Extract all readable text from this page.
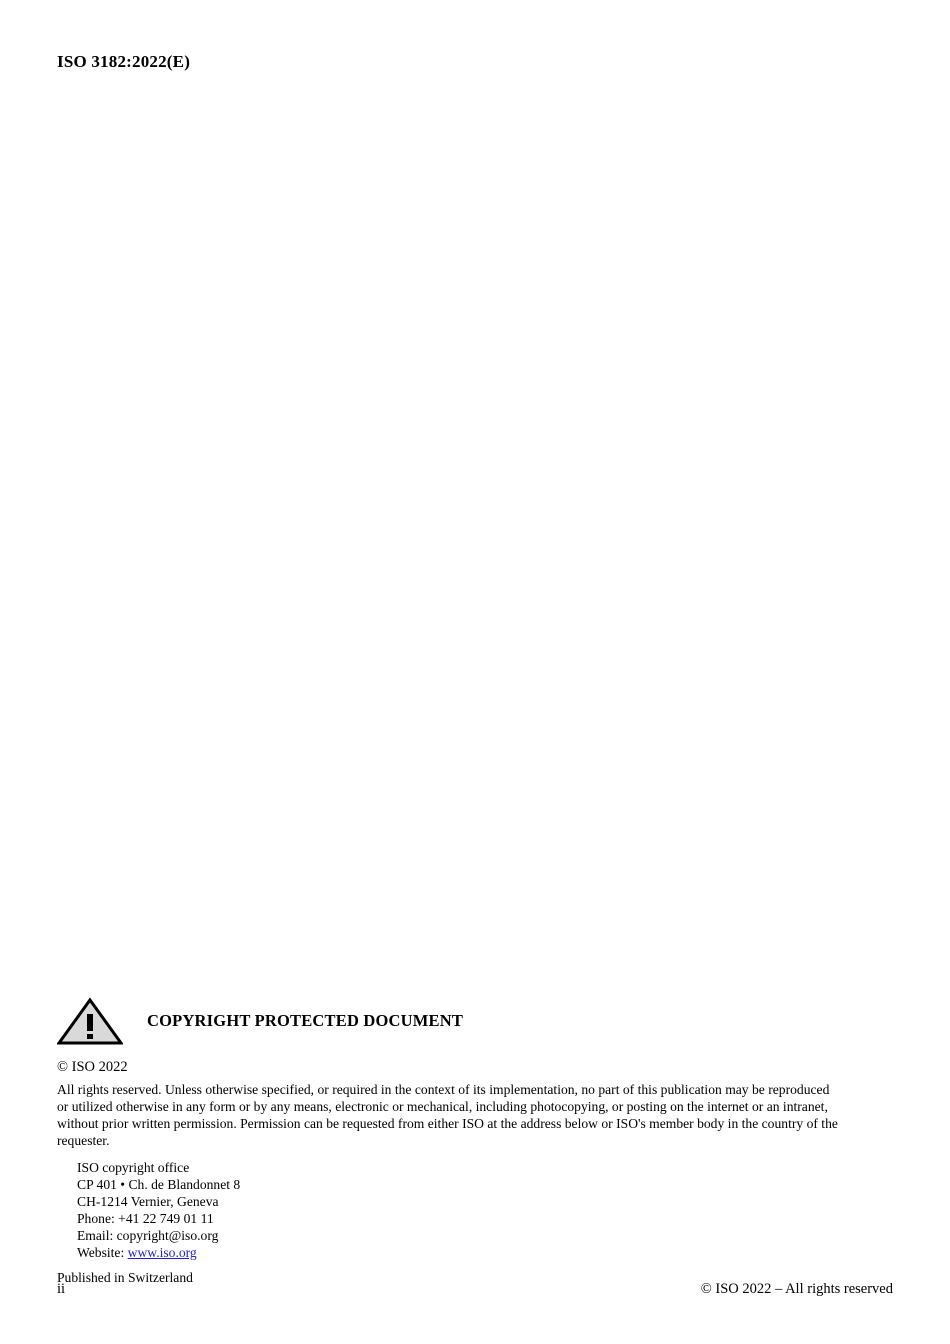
ISO 3182:2022(E)
COPYRIGHT PROTECTED DOCUMENT
© ISO 2022
All rights reserved. Unless otherwise specified, or required in the context of its implementation, no part of this publication may be reproduced or utilized otherwise in any form or by any means, electronic or mechanical, including photocopying, or posting on the internet or an intranet, without prior written permission. Permission can be requested from either ISO at the address below or ISO's member body in the country of the requester.
ISO copyright office
CP 401 • Ch. de Blandonnet 8
CH-1214 Vernier, Geneva
Phone: +41 22 749 01 11
Email: copyright@iso.org
Website: www.iso.org
Published in Switzerland
ii	© ISO 2022 – All rights reserved
